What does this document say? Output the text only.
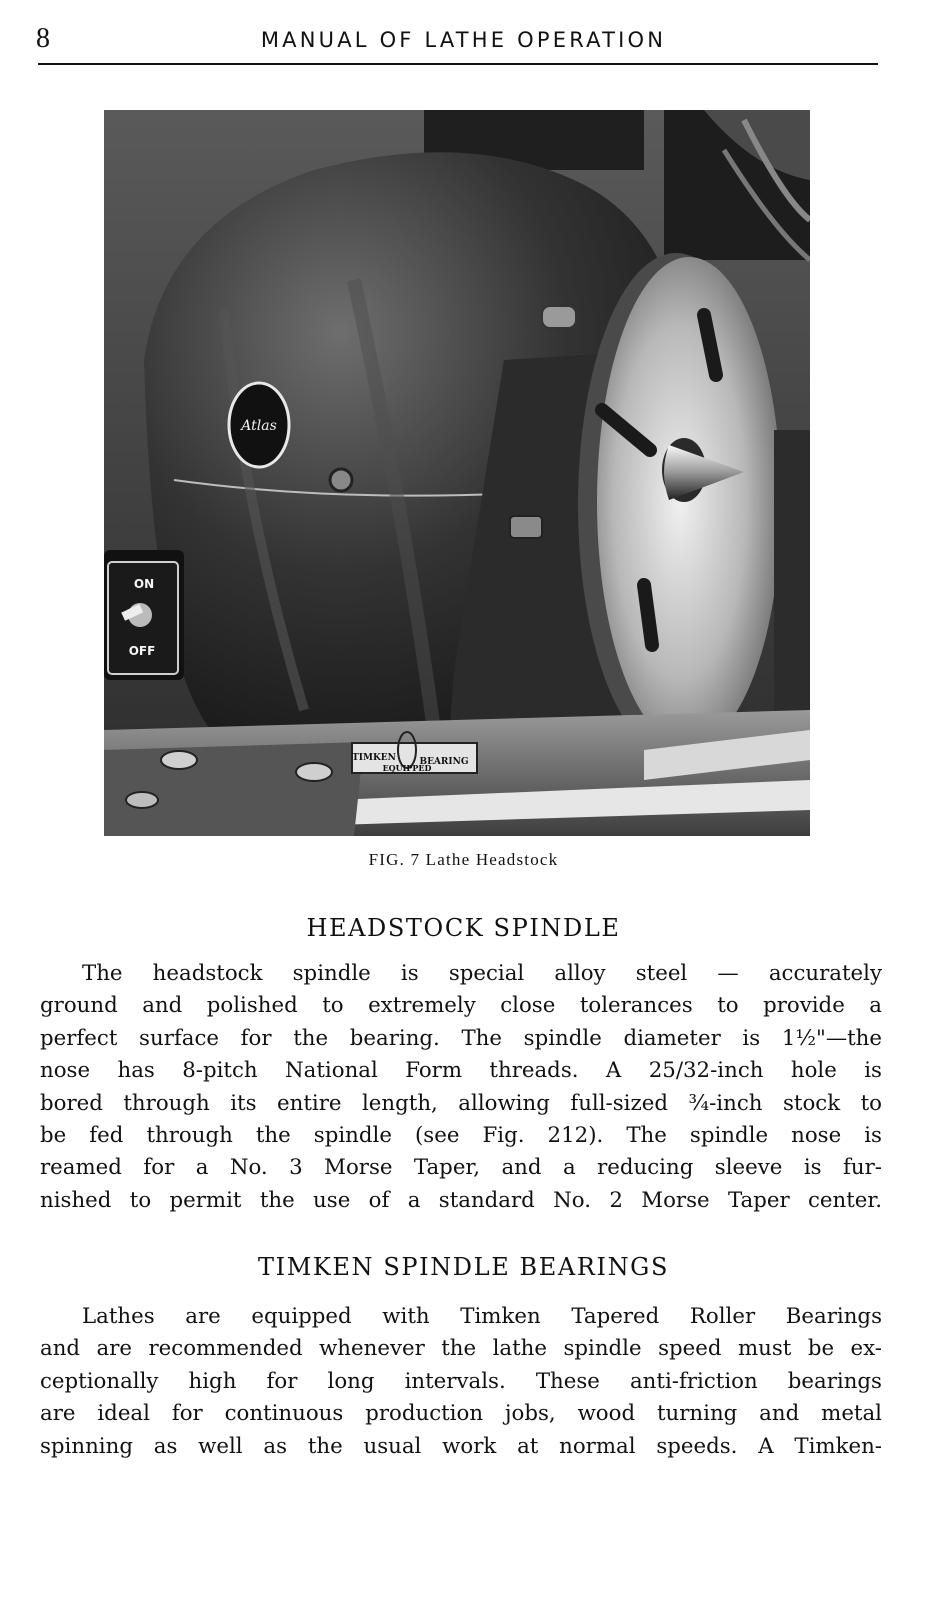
8	MANUAL OF LATHE OPERATION
Atlas
ON
OFF
TIMKEN	BEARING
EQUIPPED
FIG. 7 Lathe Headstock
HEADSTOCK SPINDLE
The headstock spindle is special alloy steel — accurately
ground and polished to extremely close tolerances to provide a
perfect surface for the bearing. The spindle diameter is 1½"—the
nose has 8-pitch National Form threads. A 25/32-inch hole is
bored through its entire length, allowing full-sized ¾-inch stock to
be fed through the spindle (see Fig. 212). The spindle nose is
reamed for a No. 3 Morse Taper, and a reducing sleeve is fur-
nished to permit the use of a standard No. 2 Morse Taper center.
TIMKEN SPINDLE BEARINGS
Lathes are equipped with Timken Tapered Roller Bearings
and are recommended whenever the lathe spindle speed must be ex-
ceptionally high for long intervals. These anti-friction bearings
are ideal for continuous production jobs, wood turning and metal
spinning as well as the usual work at normal speeds. A Timken-
